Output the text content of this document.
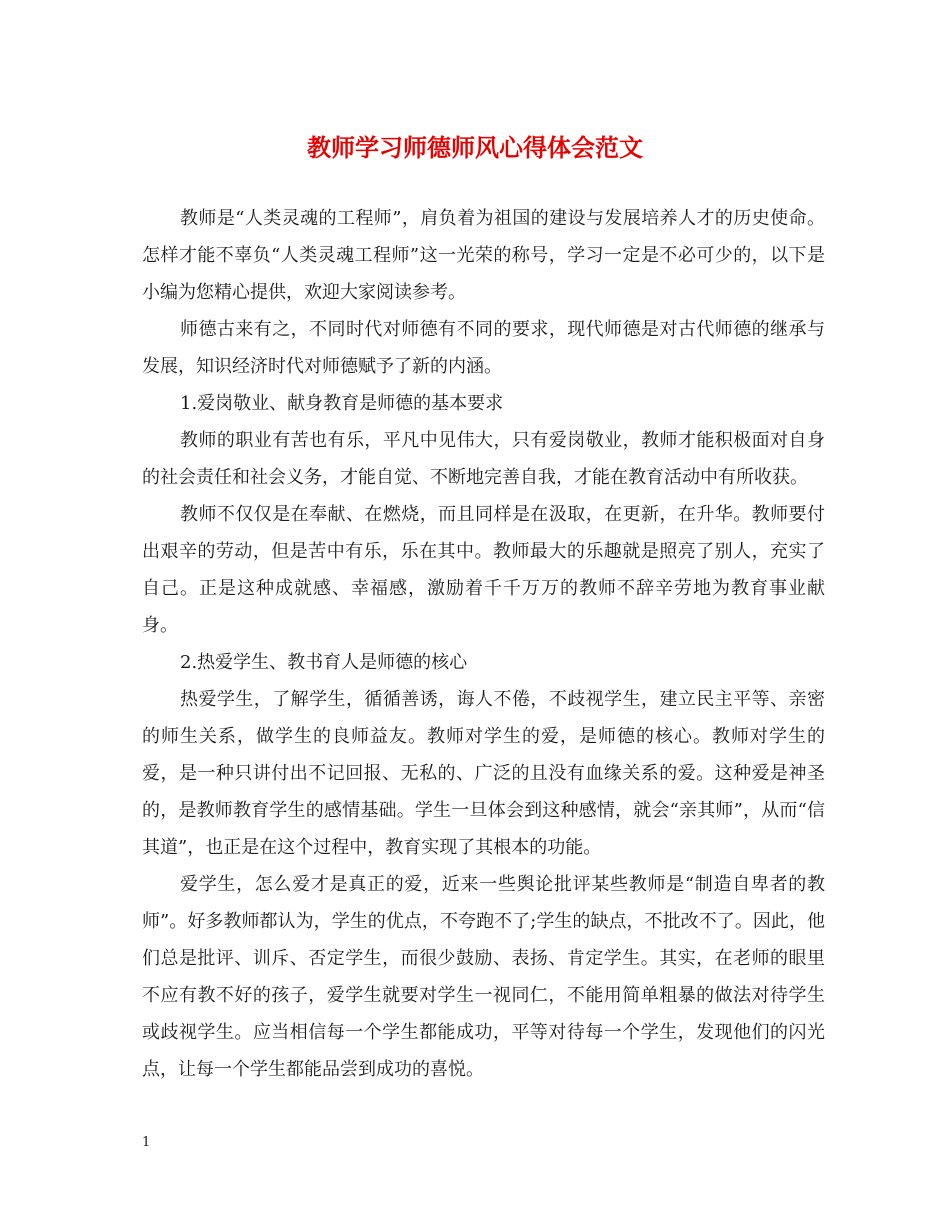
教师学习师德师风心得体会范文

教师是“人类灵魂的工程师”，肩负着为祖国的建设与发展培养人才的历史使命。怎样才能不辜负“人类灵魂工程师”这一光荣的称号，学习一定是不必可少的，以下是小编为您精心提供，欢迎大家阅读参考。

师德古来有之，不同时代对师德有不同的要求，现代师德是对古代师德的继承与发展，知识经济时代对师德赋予了新的内涵。

1.爱岗敬业、献身教育是师德的基本要求

教师的职业有苦也有乐，平凡中见伟大，只有爱岗敬业，教师才能积极面对自身的社会责任和社会义务，才能自觉、不断地完善自我，才能在教育活动中有所收获。

教师不仅仅是在奉献、在燃烧，而且同样是在汲取，在更新，在升华。教师要付出艰辛的劳动，但是苦中有乐，乐在其中。教师最大的乐趣就是照亮了别人，充实了自己。正是这种成就感、幸福感，激励着千千万万的教师不辞辛劳地为教育事业献身。

2.热爱学生、教书育人是师德的核心

热爱学生，了解学生，循循善诱，诲人不倦，不歧视学生，建立民主平等、亲密的师生关系，做学生的良师益友。教师对学生的爱，是师德的核心。教师对学生的爱，是一种只讲付出不记回报、无私的、广泛的且没有血缘关系的爱。这种爱是神圣的，是教师教育学生的感情基础。学生一旦体会到这种感情，就会“亲其师”，从而“信其道”，也正是在这个过程中，教育实现了其根本的功能。

爱学生，怎么爱才是真正的爱，近来一些舆论批评某些教师是“制造自卑者的教师”。好多教师都认为，学生的优点，不夸跑不了;学生的缺点，不批改不了。因此，他们总是批评、训斥、否定学生，而很少鼓励、表扬、肯定学生。其实，在老师的眼里不应有教不好的孩子，爱学生就要对学生一视同仁，不能用简单粗暴的做法对待学生或歧视学生。应当相信每一个学生都能成功，平等对待每一个学生，发现他们的闪光点，让每一个学生都能品尝到成功的喜悦。

1
